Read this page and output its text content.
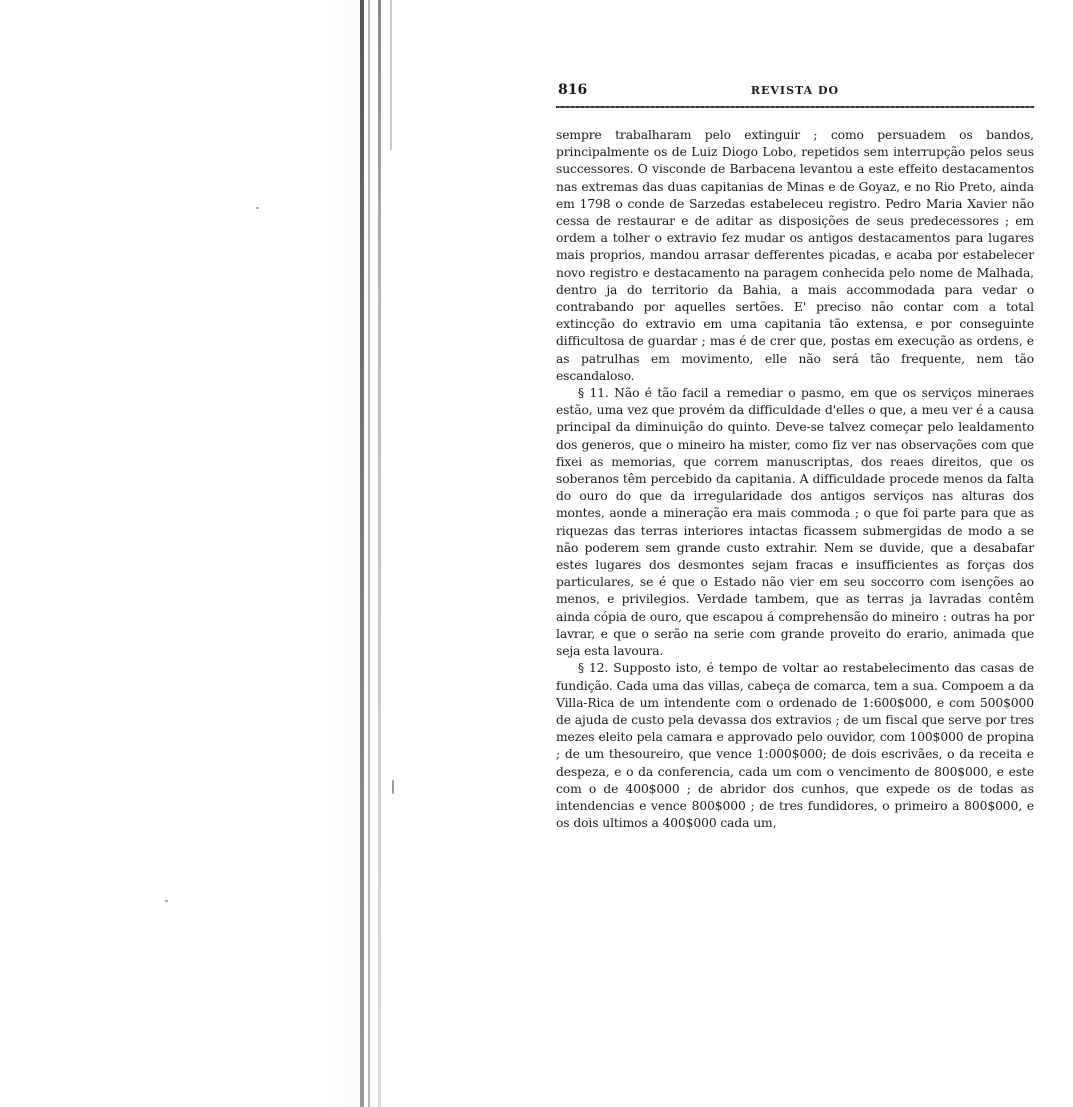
816	REVISTA DO

sempre trabalharam pelo extinguir ; como persuadem os bandos, principalmente os de Luiz Diogo Lobo, repetidos sem interrupção pelos seus successores. O visconde de Barbacena levantou a este effeito destacamentos nas extremas das duas capitanias de Minas e de Goyaz, e no Rio Preto, ainda em 1798 o conde de Sarzedas estabeleceu registro. Pedro Maria Xavier não cessa de restaurar e de aditar as disposições de seus predecessores ; em ordem a tolher o extravio fez mudar os antigos destacamentos para lugares mais proprios, mandou arrasar defferentes picadas, e acaba por estabelecer novo registro e destacamento na paragem conhecida pelo nome de Malhada, dentro ja do territorio da Bahia, a mais accommodada para vedar o contrabando por aquelles sertões. E' preciso não contar com a total extincção do extravio em uma capitania tão extensa, e por conseguinte difficultosa de guardar ; mas é de crer que, postas em execução as ordens, e as patrulhas em movimento, elle não será tão frequente, nem tão escandaloso.

§ 11. Não é tão facil a remediar o pasmo, em que os serviços mineraes estão, uma vez que provém da difficuldade d'elles o que, a meu ver é a causa principal da diminuição do quinto. Deve-se talvez começar pelo lealdamento dos generos, que o mineiro ha mister, como fiz ver nas observações com que fixei as memorias, que correm manuscriptas, dos reaes direitos, que os soberanos têm percebido da capitania. A difficuldade procede menos da falta do ouro do que da irregularidade dos antigos serviços nas alturas dos montes, aonde a mineração era mais commoda ; o que foi parte para que as riquezas das terras interiores intactas ficassem submergidas de modo a se não poderem sem grande custo extrahir. Nem se duvide, que a desabafar estes lugares dos desmontes sejam fracas e insufficientes as forças dos particulares, se é que o Estado não vier em seu soccorro com isenções ao menos, e privilegios. Verdade tambem, que as terras ja lavradas contêm ainda cópia de ouro, que escapou á comprehensão do mineiro : outras ha por lavrar, e que o serão na serie com grande proveito do erario, animada que seja esta lavoura.

§ 12. Supposto isto, é tempo de voltar ao restabelecimento das casas de fundição. Cada uma das villas, cabeça de comarca, tem a sua. Compoem a da Villa-Rica de um intendente com o ordenado de 1:600$000, e com 500$000 de ajuda de custo pela devassa dos extravios ; de um fiscal que serve por tres mezes eleito pela camara e approvado pelo ouvidor, com 100$000 de propina ; de um thesoureiro, que vence 1:000$000; de dois escrivães, o da receita e despeza, e o da conferencia, cada um com o vencimento de 800$000, e este com o de 400$000 ; de abridor dos cunhos, que expede os de todas as intendencias e vence 800$000 ; de tres fundidores, o primeiro a 800$000, e os dois ultimos a 400$000 cada um,
